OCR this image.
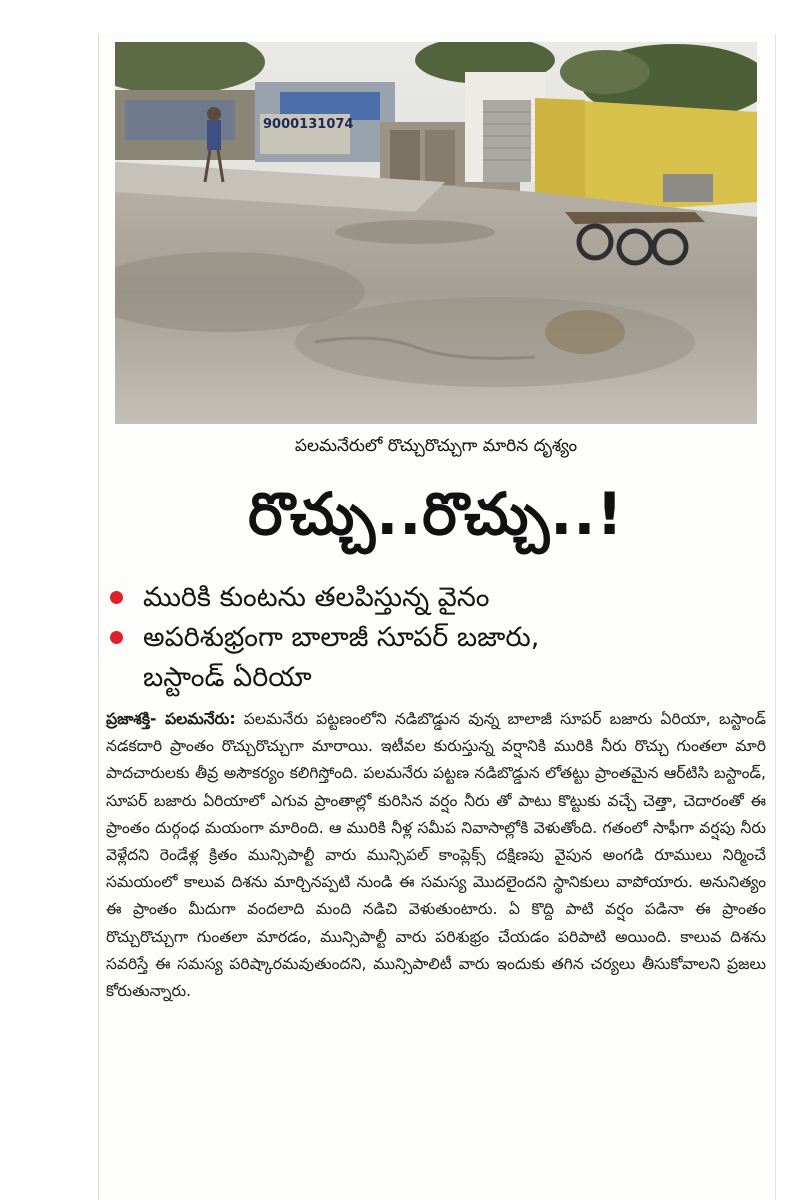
9000131074
పలమనేరులో రొచ్చురొచ్చుగా మారిన దృశ్యం
రొచ్చు..రొచ్చు..!
మురికి కుంటను తలపిస్తున్న వైనం
అపరిశుభ్రంగా బాలాజీ సూపర్ బజారు,
బస్టాండ్ ఏరియా
ప్రజాశక్తి- పలమనేరు: పలమనేరు పట్టణంలోని నడిబొడ్డున వున్న బాలాజీ సూపర్ బజారు ఏరియా, బస్టాండ్ నడకదారి ప్రాంతం రొచ్చురొచ్చుగా మారాయి. ఇటీవల కురుస్తున్న వర్షానికి మురికి నీరు రొచ్చు గుంతలా మారి పాదచారులకు తీవ్ర అసౌకర్యం కలిగిస్తోంది. పలమనేరు పట్టణ నడిబొడ్డున లోతట్టు ప్రాంతమైన ఆర్‌టిసి బస్టాండ్, సూపర్ బజారు ఏరియాలో ఎగువ ప్రాంతాల్లో కురిసిన వర్షం నీరు తో పాటు కొట్టుకు వచ్చే చెత్తా, చెదారంతో ఈ ప్రాంతం దుర్గంధ మయంగా మారింది. ఆ మురికి నీళ్ల సమీప నివాసాల్లోకి వెళుతోంది. గతంలో సాఫీగా వర్షపు నీరు వెళ్లేదని రెండేళ్ల క్రితం మున్సిపాల్టీ వారు మున్సిపల్ కాంప్లెక్స్ దక్షిణపు వైపున అంగడి రూములు నిర్మించే సమయంలో కాలువ దిశను మార్చినప్పటి నుండి ఈ సమస్య మొదలైందని స్థానికులు వాపోయారు. అనునిత్యం ఈ ప్రాంతం మీదుగా వందలాది మంది నడిచి వెళుతుంటారు. ఏ కొద్ది పాటి వర్షం పడినా ఈ ప్రాంతం రొచ్చురొచ్చుగా గుంతలా మారడం, మున్సిపాల్టీ వారు పరిశుభ్రం చేయడం పరిపాటి అయింది. కాలువ దిశను సవరిస్తే ఈ సమస్య పరిష్కారమవుతుందని, మున్సిపాలిటీ వారు ఇందుకు తగిన చర్యలు తీసుకోవాలని ప్రజలు కోరుతున్నారు.
